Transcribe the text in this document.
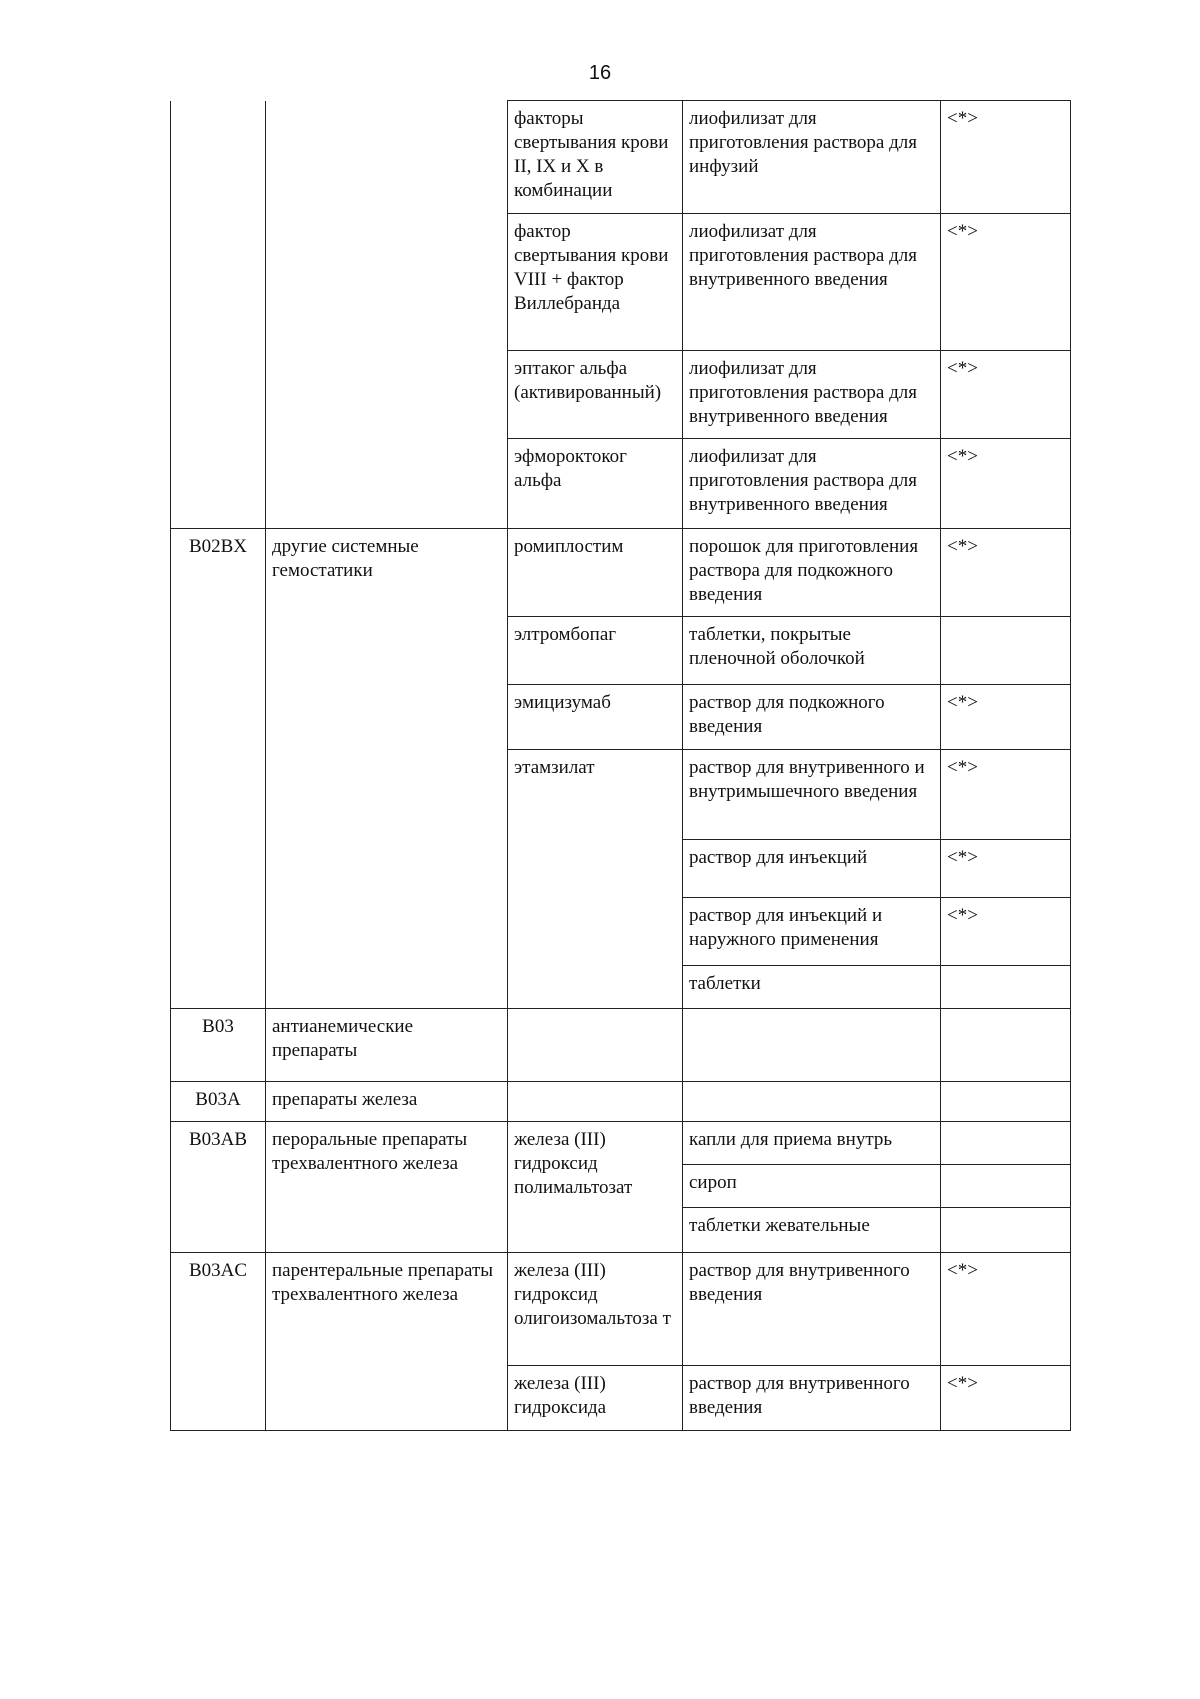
16
		факторы свертывания крови II, IX и X в комбинации	лиофилизат для приготовления раствора для инфузий	<*>
		фактор свертывания крови VIII + фактор Виллебранда	лиофилизат для приготовления раствора для внутривенного введения	<*>
		эптаког альфа (активированный)	лиофилизат для приготовления раствора для внутривенного введения	<*>
		эфмороктоког альфа	лиофилизат для приготовления раствора для внутривенного введения	<*>
B02BX	другие системные гемостатики	ромиплостим	порошок для приготовления раствора для подкожного введения	<*>
		элтромбопаг	таблетки, покрытые пленочной оболочкой	
		эмицизумаб	раствор для подкожного введения	<*>
		этамзилат	раствор для внутривенного и внутримышечного введения	<*>
			раствор для инъекций	<*>
			раствор для инъекций и наружного применения	<*>
			таблетки	
B03	антианемические препараты			
B03A	препараты железа			
B03AB	пероральные препараты трехвалентного железа	железа (III) гидроксид полимальтозат	капли для приема внутрь	
			сироп	
			таблетки жевательные	
B03AC	парентеральные препараты трехвалентного железа	железа (III) гидроксид олигоизомальтоза т	раствор для внутривенного введения	<*>
		железа (III) гидроксида	раствор для внутривенного введения	<*>
